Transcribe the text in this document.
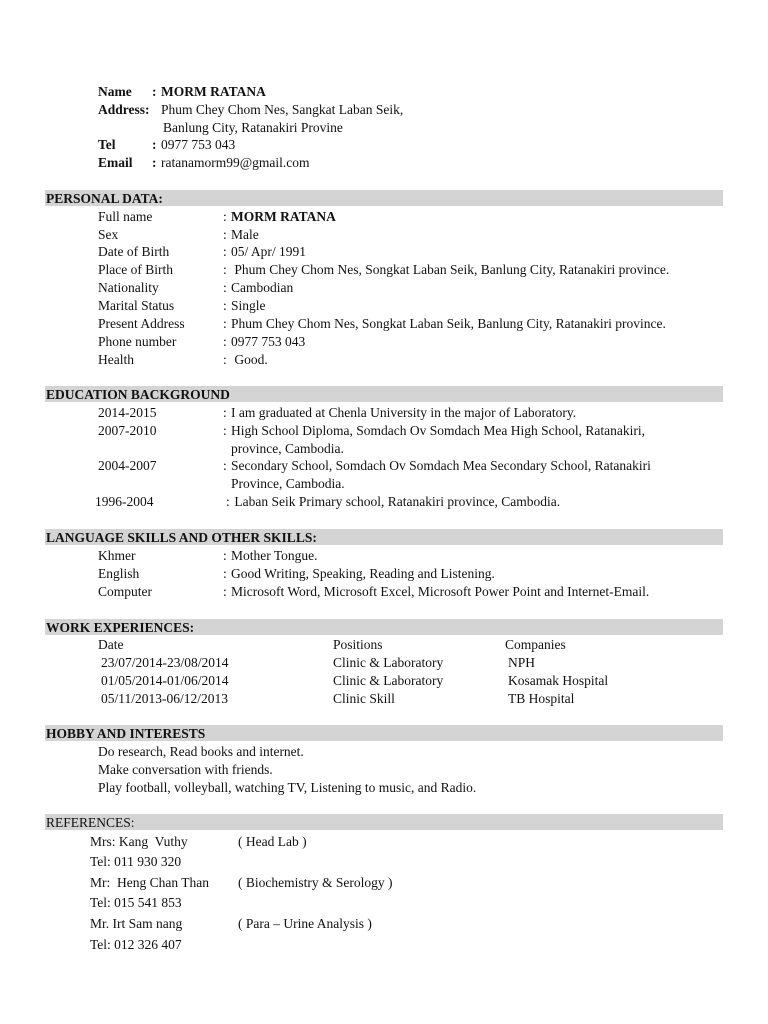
Name : MORM RATANA
Address: Phum Chey Chom Nes, Sangkat Laban Seik,
Banlung City, Ratanakiri Provine
Tel	: 0977 753 043
Email : ratanamorm99@gmail.com
PERSONAL DATA:
Full name	: MORM RATANA
Sex	: Male
Date of Birth	: 05/ Apr/ 1991
Place of Birth	: Phum Chey Chom Nes, Songkat Laban Seik, Banlung City, Ratanakiri province.
Nationality	: Cambodian
Marital Status	: Single
Present Address	: Phum Chey Chom Nes, Songkat Laban Seik, Banlung City, Ratanakiri province.
Phone number	: 0977 753 043
Health	: Good.
EDUCATION BACKGROUND
2014-2015	: I am graduated at Chenla University in the major of Laboratory.
2007-2010	: High School Diploma, Somdach Ov Somdach Mea High School, Ratanakiri,
province, Cambodia.
2004-2007	: Secondary School, Somdach Ov Somdach Mea Secondary School, Ratanakiri
Province, Cambodia.
1996-2004	: Laban Seik Primary school, Ratanakiri province, Cambodia.
LANGUAGE SKILLS AND OTHER SKILLS:
Khmer	: Mother Tongue.
English	: Good Writing, Speaking, Reading and Listening.
Computer	: Microsoft Word, Microsoft Excel, Microsoft Power Point and Internet-Email.
WORK EXPERIENCES:
Date	Positions	Companies
23/07/2014-23/08/2014	Clinic & Laboratory	NPH
01/05/2014-01/06/2014	Clinic & Laboratory	Kosamak Hospital
05/11/2013-06/12/2013	Clinic Skill	TB Hospital
HOBBY AND INTERESTS
Do research, Read books and internet.
Make conversation with friends.
Play football, volleyball, watching TV, Listening to music, and Radio.
REFERENCES:
Mrs: Kang  Vuthy	( Head Lab )
Tel: 011 930 320
Mr:  Heng Chan Than ( Biochemistry & Serology )
Tel: 015 541 853
Mr. Irt Sam nang	( Para – Urine Analysis )
Tel: 012 326 407
